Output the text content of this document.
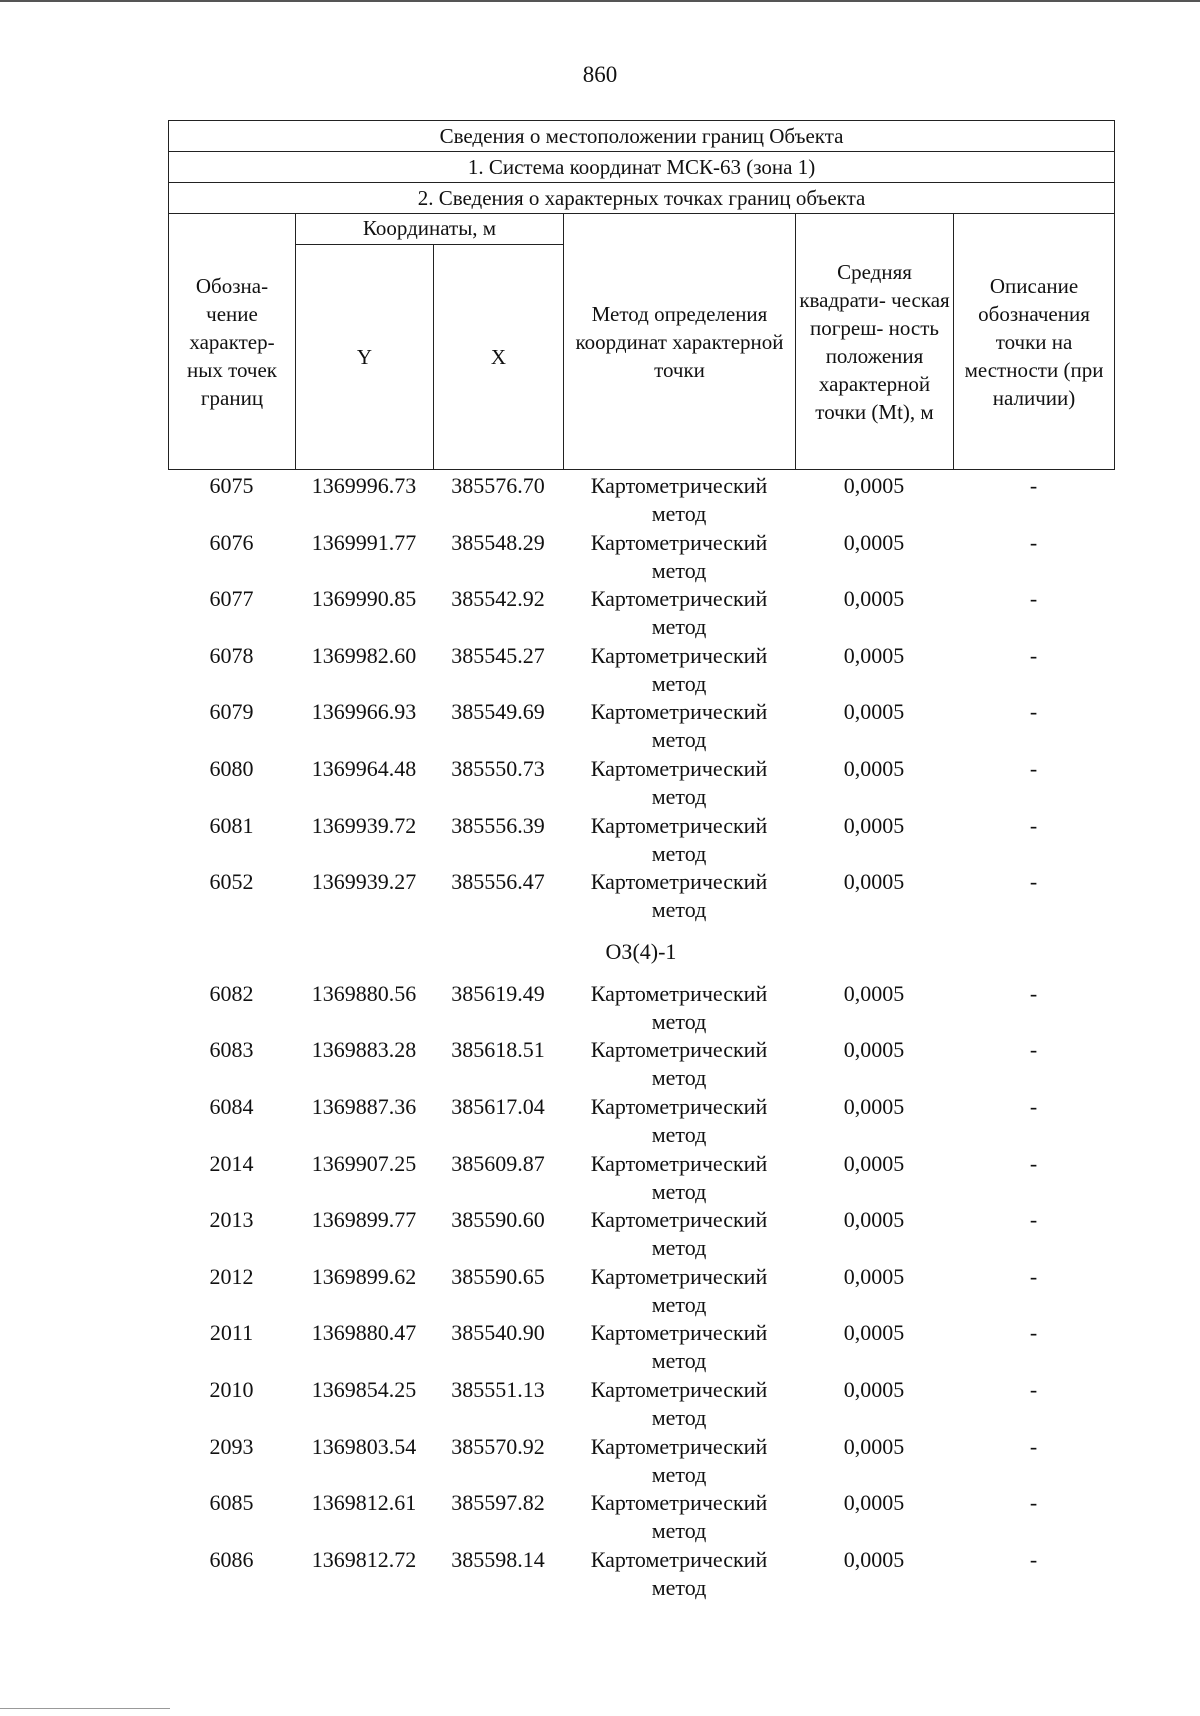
860
Сведения о местоположении границ Объекта					
1. Система координат МСК-63 (зона 1)					
2. Сведения о характерных точках границ объекта					
Обозна- чение характер- ных точек границ	Координаты, м		Метод определения координат характерной точки	Средняя квадрати- ческая погреш- ность положения характерной точки (Mt), м	Описание обозначения точки на местности (при наличии)
	Y	X			
6075	1369996.73	385576.70	Картометрический метод	0,0005	-
6076	1369991.77	385548.29	Картометрический метод	0,0005	-
6077	1369990.85	385542.92	Картометрический метод	0,0005	-
6078	1369982.60	385545.27	Картометрический метод	0,0005	-
6079	1369966.93	385549.69	Картометрический метод	0,0005	-
6080	1369964.48	385550.73	Картометрический метод	0,0005	-
6081	1369939.72	385556.39	Картометрический метод	0,0005	-
6052	1369939.27	385556.47	Картометрический метод	0,0005	-
ОЗ(4)-1					
6082	1369880.56	385619.49	Картометрический метод	0,0005	-
6083	1369883.28	385618.51	Картометрический метод	0,0005	-
6084	1369887.36	385617.04	Картометрический метод	0,0005	-
2014	1369907.25	385609.87	Картометрический метод	0,0005	-
2013	1369899.77	385590.60	Картометрический метод	0,0005	-
2012	1369899.62	385590.65	Картометрический метод	0,0005	-
2011	1369880.47	385540.90	Картометрический метод	0,0005	-
2010	1369854.25	385551.13	Картометрический метод	0,0005	-
2093	1369803.54	385570.92	Картометрический метод	0,0005	-
6085	1369812.61	385597.82	Картометрический метод	0,0005	-
6086	1369812.72	385598.14	Картометрический метод	0,0005	-
